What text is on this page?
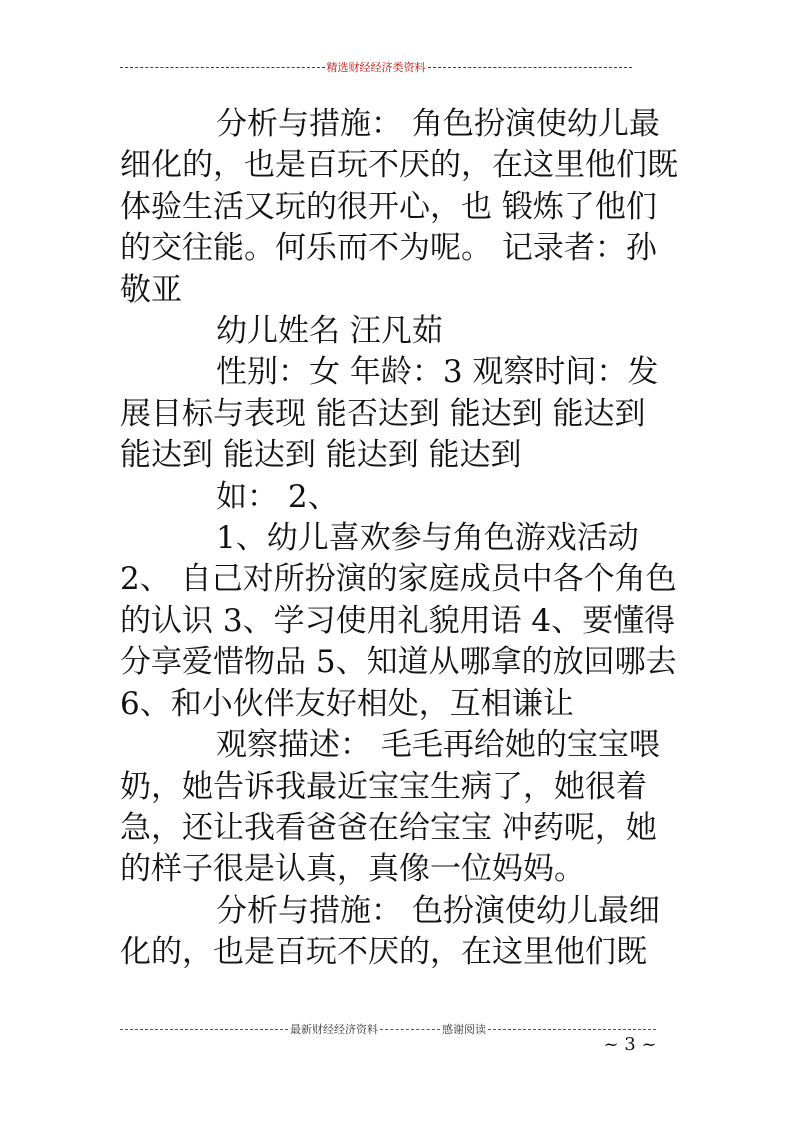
精选财经经济类资料

分析与措施： 角色扮演使幼儿最细化的，也是百玩不厌的，在这里他们既体验生活又玩的很开心，也 锻炼了他们的交往能。何乐而不为呢。 记录者：孙敬亚

幼儿姓名 汪凡茹

性别：女 年龄：3 观察时间：发展目标与表现 能否达到 能达到 能达到 能达到 能达到 能达到 能达到

如： 2、

1、幼儿喜欢参与角色游戏活动 2、 自己对所扮演的家庭成员中各个角色的认识 3、学习使用礼貌用语 4、要懂得分享爱惜物品 5、知道从哪拿的放回哪去 6、和小伙伴友好相处，互相谦让

观察描述： 毛毛再给她的宝宝喂奶，她告诉我最近宝宝生病了，她很着急，还让我看爸爸在给宝宝 冲药呢，她的样子很是认真，真像一位妈妈。

分析与措施： 色扮演使幼儿最细化的，也是百玩不厌的，在这里他们既

最新财经经济资料	感谢阅读
~ 3 ~
